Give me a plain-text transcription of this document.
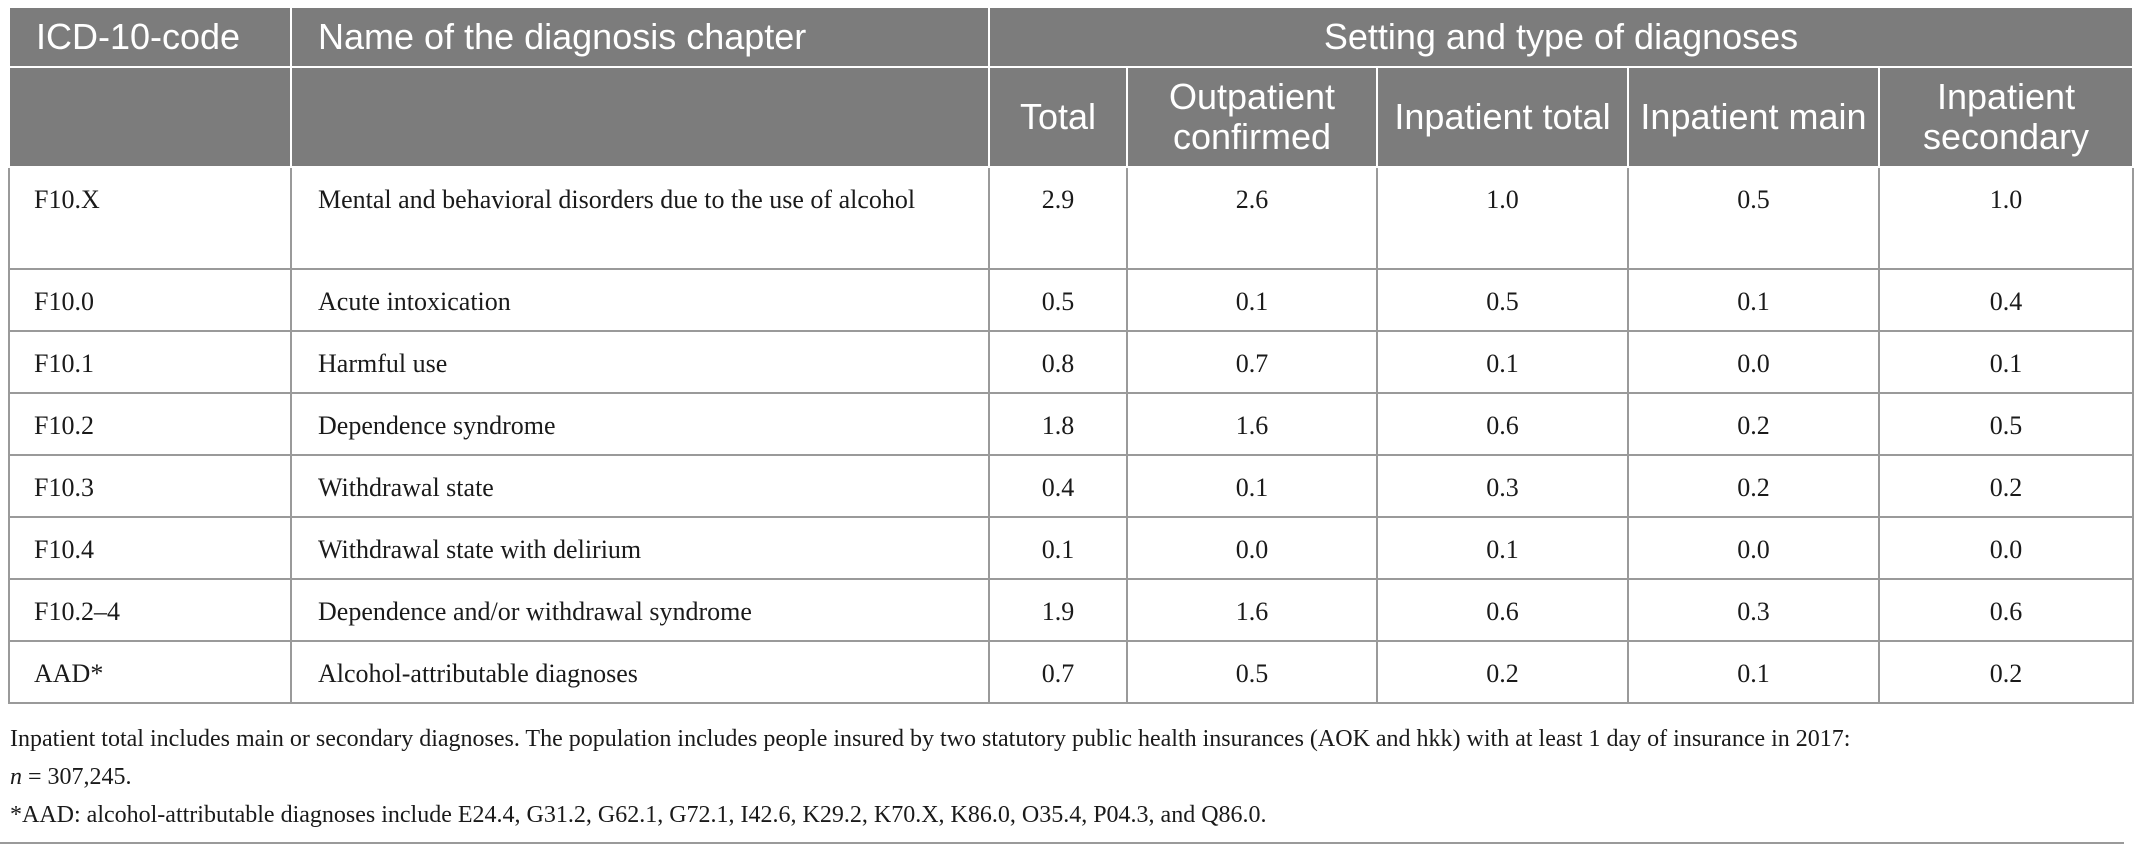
ICD-10-code	Name of the diagnosis chapter	Setting and type of diagnoses				
		Total	Outpatient confirmed	Inpatient total	Inpatient main	Inpatient secondary
F10.X	Mental and behavioral disorders due to the use of alcohol	2.9	2.6	1.0	0.5	1.0
F10.0	Acute intoxication	0.5	0.1	0.5	0.1	0.4
F10.1	Harmful use	0.8	0.7	0.1	0.0	0.1
F10.2	Dependence syndrome	1.8	1.6	0.6	0.2	0.5
F10.3	Withdrawal state	0.4	0.1	0.3	0.2	0.2
F10.4	Withdrawal state with delirium	0.1	0.0	0.1	0.0	0.0
F10.2–4	Dependence and/or withdrawal syndrome	1.9	1.6	0.6	0.3	0.6
AAD*	Alcohol-attributable diagnoses	0.7	0.5	0.2	0.1	0.2

Inpatient total includes main or secondary diagnoses. The population includes people insured by two statutory public health insurances (AOK and hkk) with at least 1 day of insurance in 2017:
n = 307,245.

*AAD: alcohol-attributable diagnoses include E24.4, G31.2, G62.1, G72.1, I42.6, K29.2, K70.X, K86.0, O35.4, P04.3, and Q86.0.
